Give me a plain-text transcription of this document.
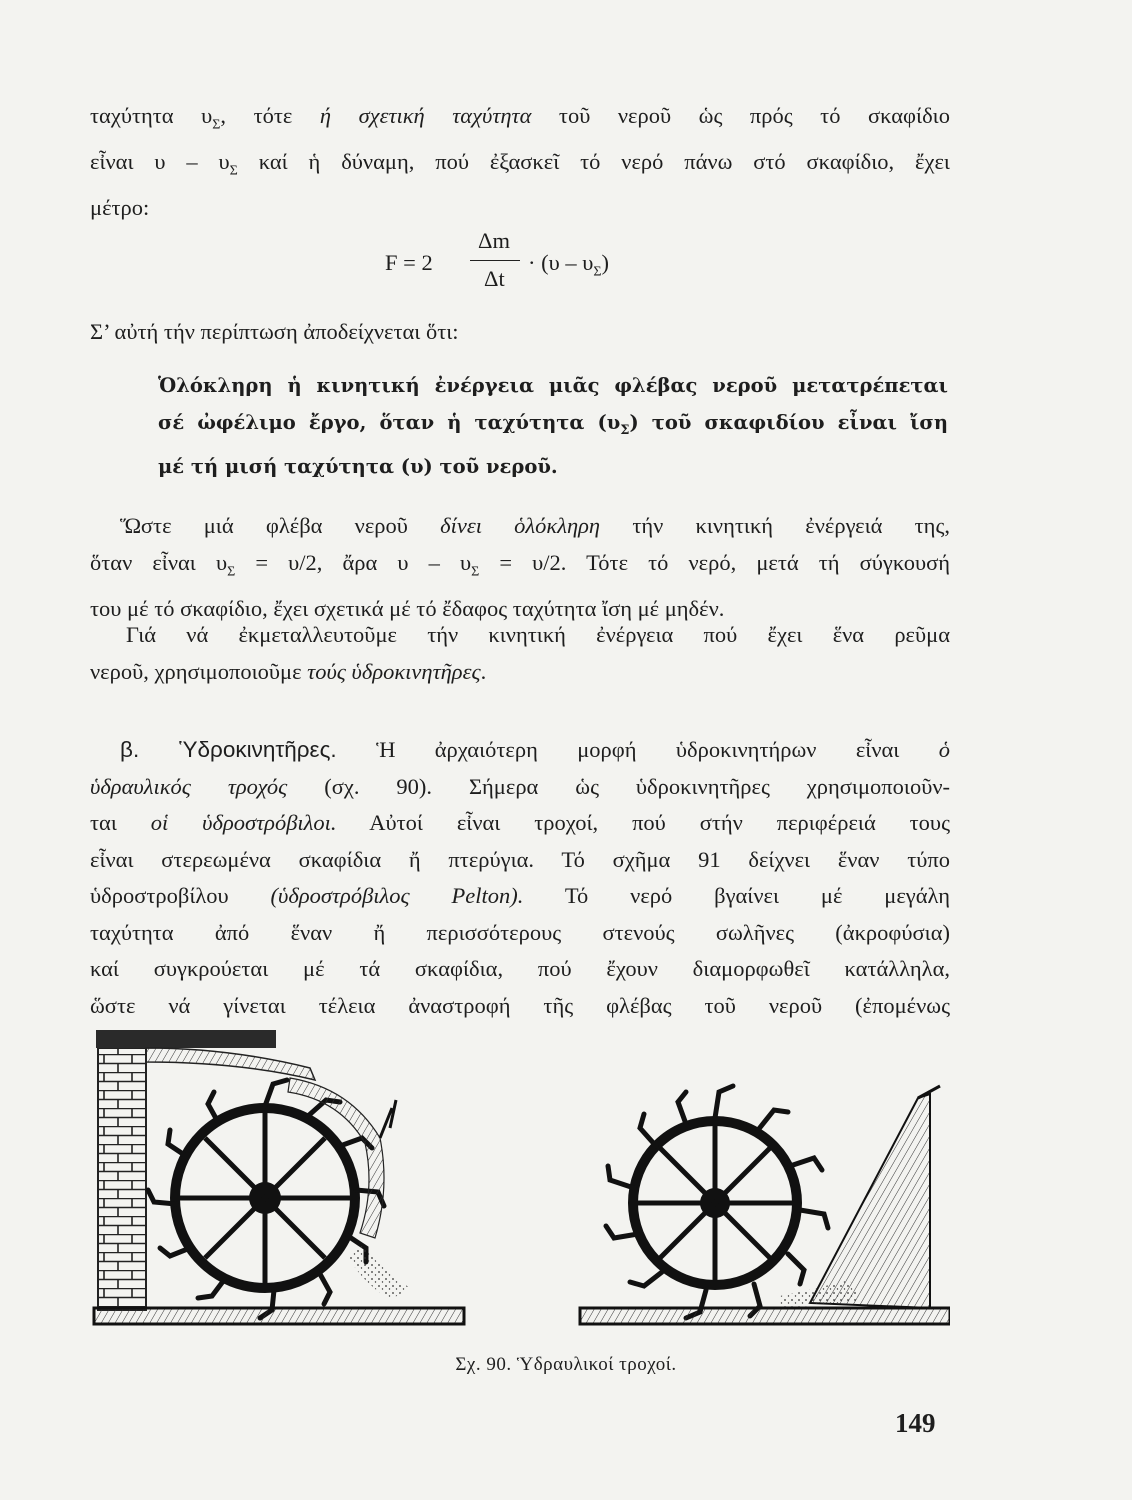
ταχύτητα $\upsilon_\Sigma$, τότε ή σχετική ταχύτητα τοῦ νεροῦ ὡς πρός τό σκαφίδιο
εἶναι υ – $\upsilon_\Sigma$ καί ἡ δύναμη, πού ἐξασκεῖ τό νερό πάνω στό σκαφίδιο, ἔχει
μέτρο:

F = 2
Δm
Δt
· $(\upsilon - \upsilon_\Sigma)$

Σ’ αὐτή τήν περίπτωση ἀποδείχνεται ὅτι:

Ὁλόκληρη ἡ κινητική ἐνέργεια μιᾶς φλέβας νεροῦ μετατρέπεται
σέ ὠφέλιμο ἔργο, ὅταν ἡ ταχύτητα $(\upsilon_\Sigma)$ τοῦ σκαφιδίου εἶναι ἴση
μέ τή μισή ταχύτητα (υ) τοῦ νεροῦ.

Ὥστε μιά φλέβα νεροῦ δίνει ὁλόκληρη τήν κινητική ἐνέργειά της,
ὅταν εἶναι $\upsilon_\Sigma = \upsilon/2$, ἄρα $\upsilon - \upsilon_\Sigma = \upsilon/2$. Τότε τό νερό, μετά τή σύγκουσή
του μέ τό σκαφίδιο, ἔχει σχετικά μέ τό ἔδαφος ταχύτητα ἴση μέ μηδέν.

Γιά νά ἐκμεταλλευτοῦμε τήν κινητική ἐνέργεια πού ἔχει ἕνα ρεῦμα
νεροῦ, χρησιμοποιοῦμε τούς ὑδροκινητῆρες.

β. Ὑδροκινητῆρες. Ἡ ἀρχαιότερη μορφή ὑδροκινητήρων εἶναι ὁ
ὑδραυλικός τροχός (σχ. 90). Σήμερα ὡς ὑδροκινητῆρες χρησιμοποιοῦν-
ται οἱ ὑδροστρόβιλοι. Αὐτοί εἶναι τροχοί, πού στήν περιφέρειά τους
εἶναι στερεωμένα σκαφίδια ἤ πτερύγια. Τό σχῆμα 91 δείχνει ἕναν τύπο
ὑδροστροβίλου (ὑδροστρόβιλος Pelton). Τό νερό βγαίνει μέ μεγάλη
ταχύτητα ἀπό ἕναν ἤ περισσότερους στενούς σωλῆνες (ἀκροφύσια)
καί συγκρούεται μέ τά σκαφίδια, πού ἔχουν διαμορφωθεῖ κατάλληλα,
ὥστε νά γίνεται τέλεια ἀναστροφή τῆς φλέβας τοῦ νεροῦ (ἐπομένως

Σχ. 90. Ὑδραυλικοί τροχοί.
149
